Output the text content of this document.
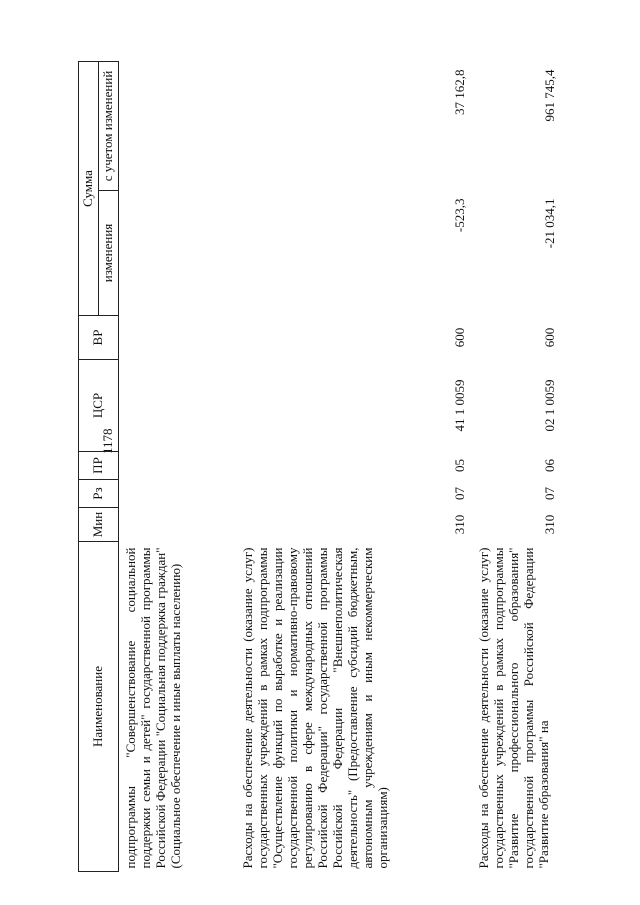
1178
Наименование	Мин	Рз	ПР	ЦСР	ВР	Сумма	
						изменения	с учетом изменений
подпрограммы "Совершенствование социальной поддержки семьи и детей" государственной программы Российской Федерации "Социальная поддержка граждан" (Социальное обеспечение и иные выплаты населению)							
Расходы на обеспечение деятельности (оказание услуг) государственных учреждений в рамках подпрограммы "Осуществление функций по выработке и реализации государственной политики и нормативно-правовому регулированию в сфере международных отношений Российской Федерации" государственной программы Российской Федерации "Внешнеполитическая деятельность" (Предоставление субсидий бюджетным, автономным учреждениям и иным некоммерческим организациям)	310	07	05	41 1 0059	600	-523,3	37 162,8
Расходы на обеспечение деятельности (оказание услуг) государственных учреждений в рамках подпрограммы "Развитие профессионального образования" государственной программы Российской Федерации "Развитие образования" на	310	07	06	02 1 0059	600	-21 034,1	961 745,4
